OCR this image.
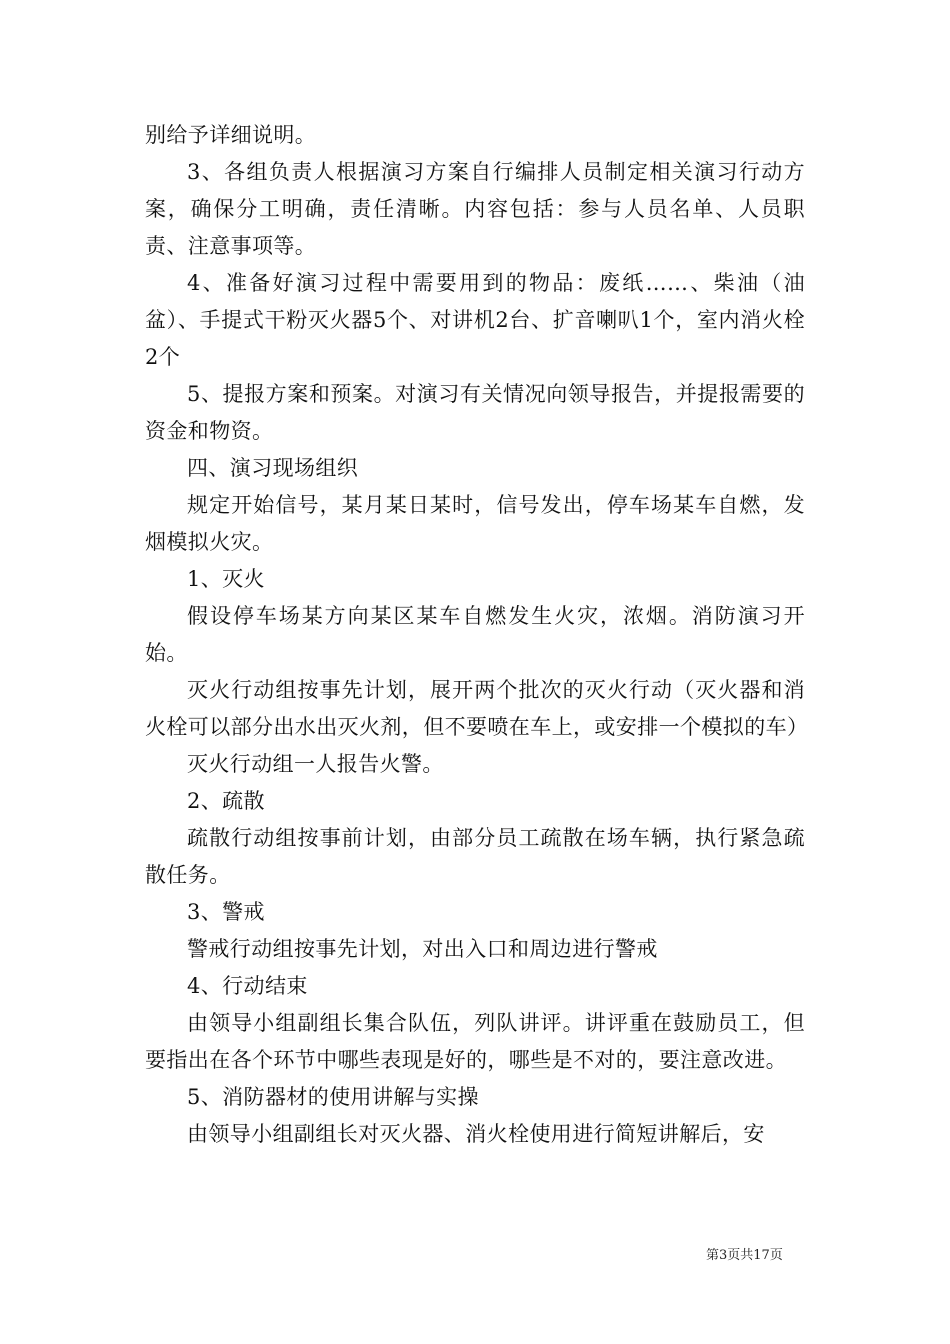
别给予详细说明。

3、各组负责人根据演习方案自行编排人员制定相关演习行动方案，确保分工明确，责任清晰。内容包括：参与人员名单、人员职责、注意事项等。

4、准备好演习过程中需要用到的物品：废纸……、柴油（油盆）、手提式干粉灭火器5个、对讲机2台、扩音喇叭1个，室内消火栓2个

5、提报方案和预案。对演习有关情况向领导报告，并提报需要的资金和物资。

四、演习现场组织

规定开始信号，某月某日某时，信号发出，停车场某车自燃，发烟模拟火灾。

1、灭火

假设停车场某方向某区某车自燃发生火灾，浓烟。消防演习开始。

灭火行动组按事先计划，展开两个批次的灭火行动（灭火器和消火栓可以部分出水出灭火剂，但不要喷在车上，或安排一个模拟的车）

灭火行动组一人报告火警。

2、疏散

疏散行动组按事前计划，由部分员工疏散在场车辆，执行紧急疏散任务。

3、警戒

警戒行动组按事先计划，对出入口和周边进行警戒

4、行动结束

由领导小组副组长集合队伍，列队讲评。讲评重在鼓励员工，但要指出在各个环节中哪些表现是好的，哪些是不对的，要注意改进。

5、消防器材的使用讲解与实操

由领导小组副组长对灭火器、消火栓使用进行简短讲解后，安

第3页共17页
